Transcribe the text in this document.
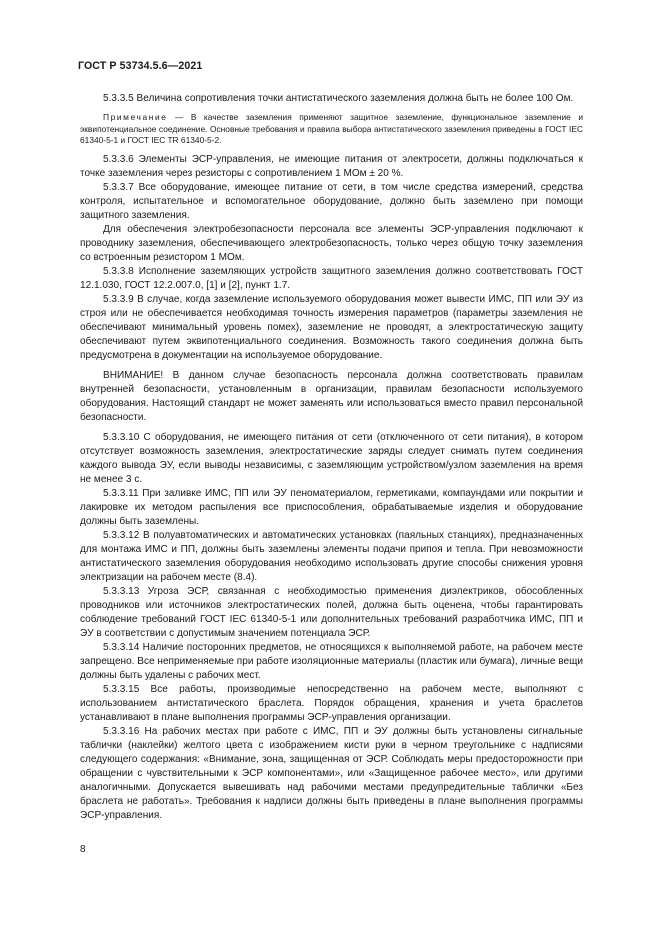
ГОСТ Р 53734.5.6—2021

5.3.3.5 Величина сопротивления точки антистатического заземления должна быть не более 100 Ом.

Примечание — В качестве заземления применяют защитное заземление, функциональное заземление и эквипотенциальное соединение. Основные требования и правила выбора антистатического заземления приведены в ГОСТ IEC 61340-5-1 и ГОСТ IEC TR 61340-5-2.

5.3.3.6 Элементы ЭСР-управления, не имеющие питания от электросети, должны подключаться к точке заземления через резисторы с сопротивлением 1 МОм ± 20 %.

5.3.3.7 Все оборудование, имеющее питание от сети, в том числе средства измерений, средства контроля, испытательное и вспомогательное оборудование, должно быть заземлено при помощи защитного заземления.

Для обеспечения электробезопасности персонала все элементы ЭСР-управления подключают к проводнику заземления, обеспечивающего электробезопасность, только через общую точку заземления со встроенным резистором 1 МОм.

5.3.3.8 Исполнение заземляющих устройств защитного заземления должно соответствовать ГОСТ 12.1.030, ГОСТ 12.2.007.0, [1] и [2], пункт 1.7.

5.3.3.9 В случае, когда заземление используемого оборудования может вывести ИМС, ПП или ЭУ из строя или не обеспечивается необходимая точность измерения параметров (параметры заземления не обеспечивают минимальный уровень помех), заземление не проводят, а электростатическую защиту обеспечивают путем эквипотенциального соединения. Возможность такого соединения должна быть предусмотрена в документации на используемое оборудование.

ВНИМАНИЕ! В данном случае безопасность персонала должна соответствовать правилам внутренней безопасности, установленным в организации, правилам безопасности используемого оборудования. Настоящий стандарт не может заменять или использоваться вместо правил персональной безопасности.

5.3.3.10 С оборудования, не имеющего питания от сети (отключенного от сети питания), в котором отсутствует возможность заземления, электростатические заряды следует снимать путем соединения каждого вывода ЭУ, если выводы независимы, с заземляющим устройством/узлом заземления на время не менее 3 с.

5.3.3.11 При заливке ИМС, ПП или ЭУ пеноматериалом, герметиками, компаундами или покрытии и лакировке их методом распыления все приспособления, обрабатываемые изделия и оборудование должны быть заземлены.

5.3.3.12 В полуавтоматических и автоматических установках (паяльных станциях), предназначенных для монтажа ИМС и ПП, должны быть заземлены элементы подачи припоя и тепла. При невозможности антистатического заземления оборудования необходимо использовать другие способы снижения уровня электризации на рабочем месте (8.4).

5.3.3.13 Угроза ЭСР, связанная с необходимостью применения диэлектриков, обособленных проводников или источников электростатических полей, должна быть оценена, чтобы гарантировать соблюдение требований ГОСТ IEC 61340-5-1 или дополнительных требований разработчика ИМС, ПП и ЭУ в соответствии с допустимым значением потенциала ЭСР.

5.3.3.14 Наличие посторонних предметов, не относящихся к выполняемой работе, на рабочем месте запрещено. Все неприменяемые при работе изоляционные материалы (пластик или бумага), личные вещи должны быть удалены с рабочих мест.

5.3.3.15 Все работы, производимые непосредственно на рабочем месте, выполняют с использованием антистатического браслета. Порядок обращения, хранения и учета браслетов устанавливают в плане выполнения программы ЭСР-управления организации.

5.3.3.16 На рабочих местах при работе с ИМС, ПП и ЭУ должны быть установлены сигнальные таблички (наклейки) желтого цвета с изображением кисти руки в черном треугольнике с надписями следующего содержания: «Внимание, зона, защищенная от ЭСР. Соблюдать меры предосторожности при обращении с чувствительными к ЭСР компонентами», или «Защищенное рабочее место», или другими аналогичными. Допускается вывешивать над рабочими местами предупредительные таблички «Без браслета не работать». Требования к надписи должны быть приведены в плане выполнения программы ЭСР-управления.

8
